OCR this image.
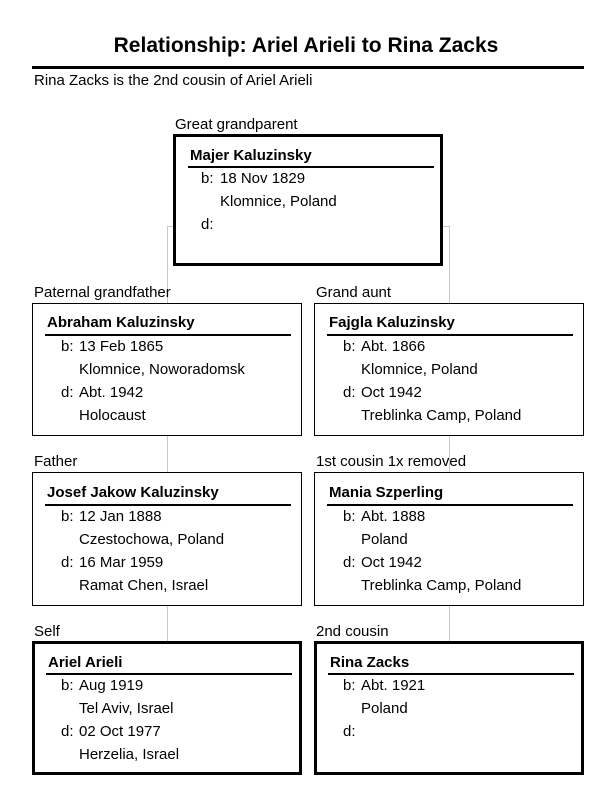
Relationship: Ariel Arieli to Rina Zacks
Rina Zacks is the 2nd cousin of Ariel Arieli
Great grandparent
Majer Kaluzinsky
b: 18 Nov 1829
Klomnice, Poland
d:
Paternal grandfather
Abraham Kaluzinsky
b: 13 Feb 1865
Klomnice, Noworadomsk
d: Abt. 1942
Holocaust
Father
Josef Jakow Kaluzinsky
b: 12 Jan 1888
Czestochowa, Poland
d: 16 Mar 1959
Ramat Chen, Israel
Self
Ariel Arieli
b: Aug 1919
Tel Aviv, Israel
d: 02 Oct 1977
Herzelia, Israel
Grand aunt
Fajgla Kaluzinsky
b: Abt. 1866
Klomnice, Poland
d: Oct 1942
Treblinka Camp, Poland
1st cousin 1x removed
Mania Szperling
b: Abt. 1888
Poland
d: Oct 1942
Treblinka Camp, Poland
2nd cousin
Rina Zacks
b: Abt. 1921
Poland
d:
